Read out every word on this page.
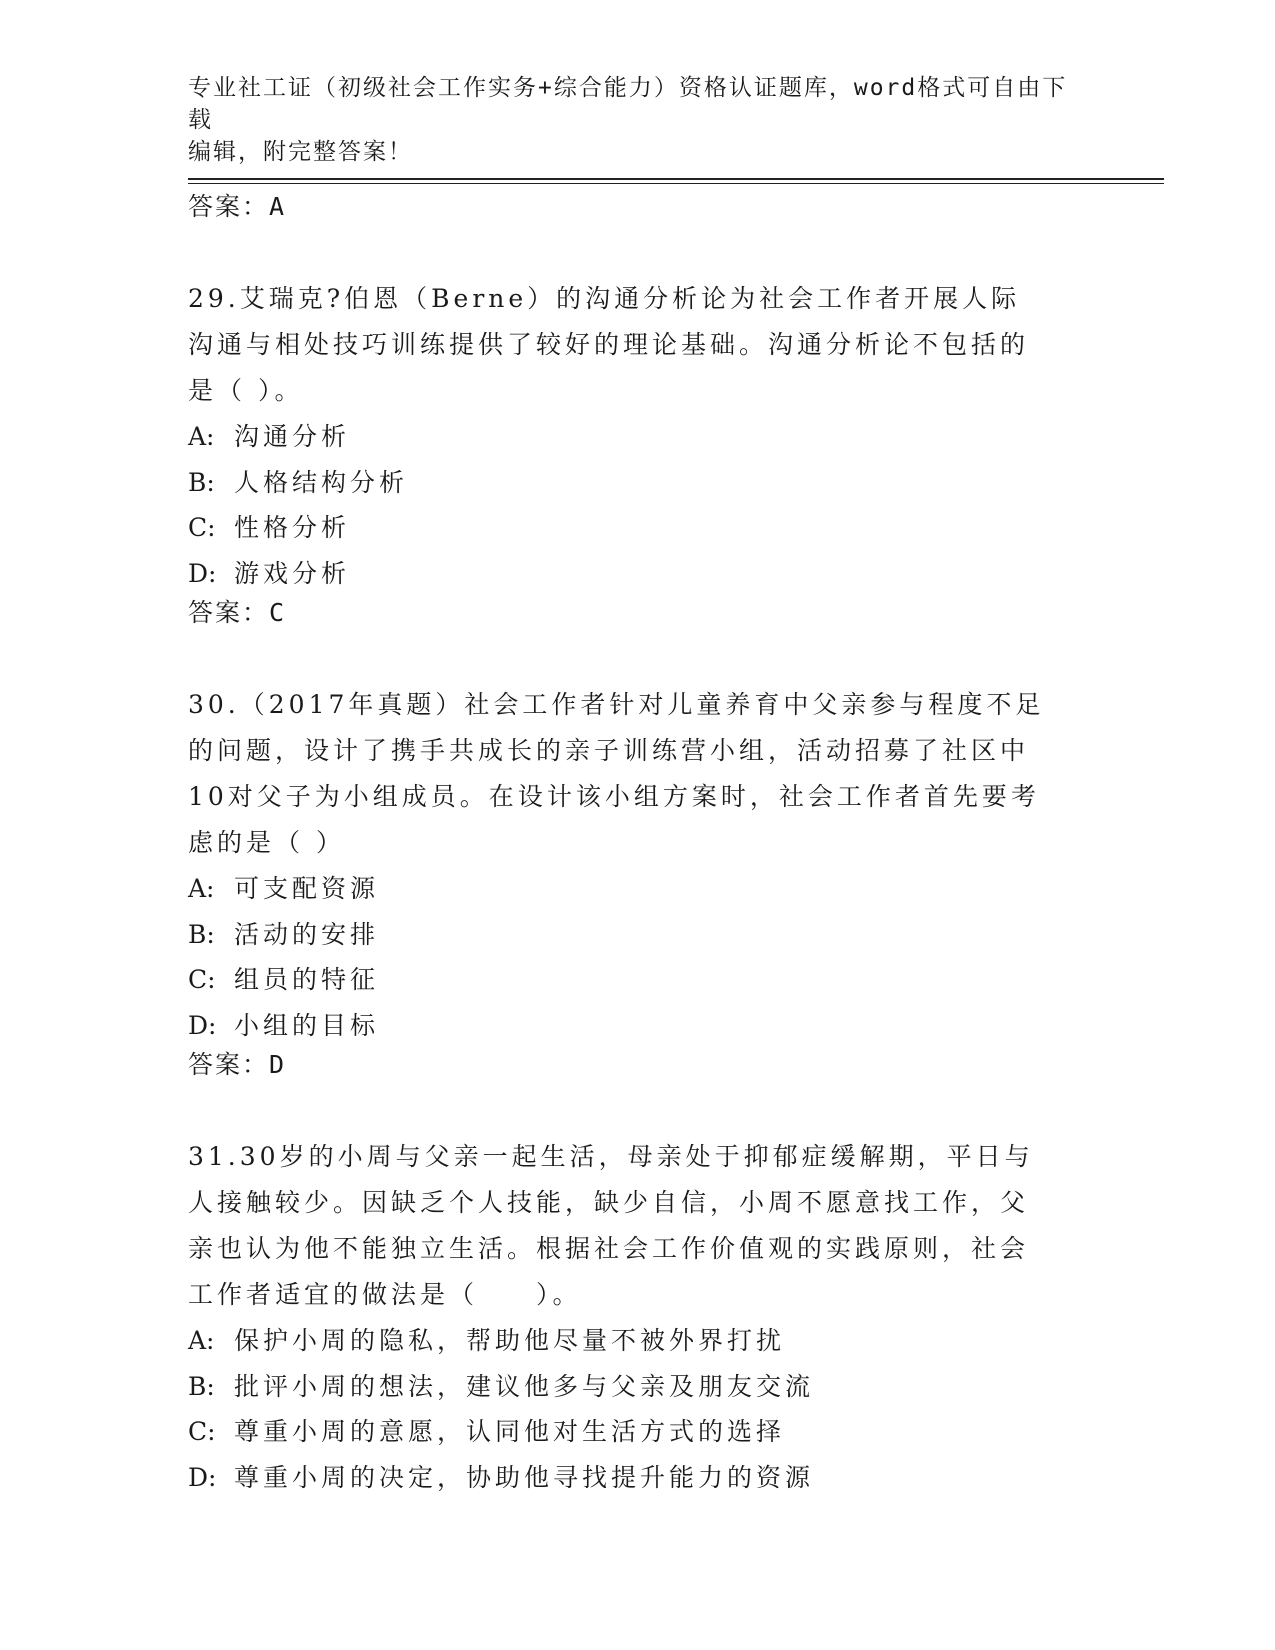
专业社工证（初级社会工作实务+综合能力）资格认证题库，word格式可自由下载
编辑，附完整答案！
答案：A

29.艾瑞克?伯恩（Berne）的沟通分析论为社会工作者开展人际沟通与相处技巧训练提供了较好的理论基础。沟通分析论不包括的是（ ）。

A: 沟通分析
B: 人格结构分析
C: 性格分析
D: 游戏分析
答案：C

30.（2017年真题）社会工作者针对儿童养育中父亲参与程度不足的问题，设计了携手共成长的亲子训练营小组，活动招募了社区中10对父子为小组成员。在设计该小组方案时，社会工作者首先要考虑的是（ ）

A: 可支配资源
B: 活动的安排
C: 组员的特征
D: 小组的目标
答案：D

31.30岁的小周与父亲一起生活，母亲处于抑郁症缓解期，平日与人接触较少。因缺乏个人技能，缺少自信，小周不愿意找工作，父亲也认为他不能独立生活。根据社会工作价值观的实践原则，社会工作者适宜的做法是（　　）。

A: 保护小周的隐私，帮助他尽量不被外界打扰
B: 批评小周的想法，建议他多与父亲及朋友交流
C: 尊重小周的意愿，认同他对生活方式的选择
D: 尊重小周的决定，协助他寻找提升能力的资源
